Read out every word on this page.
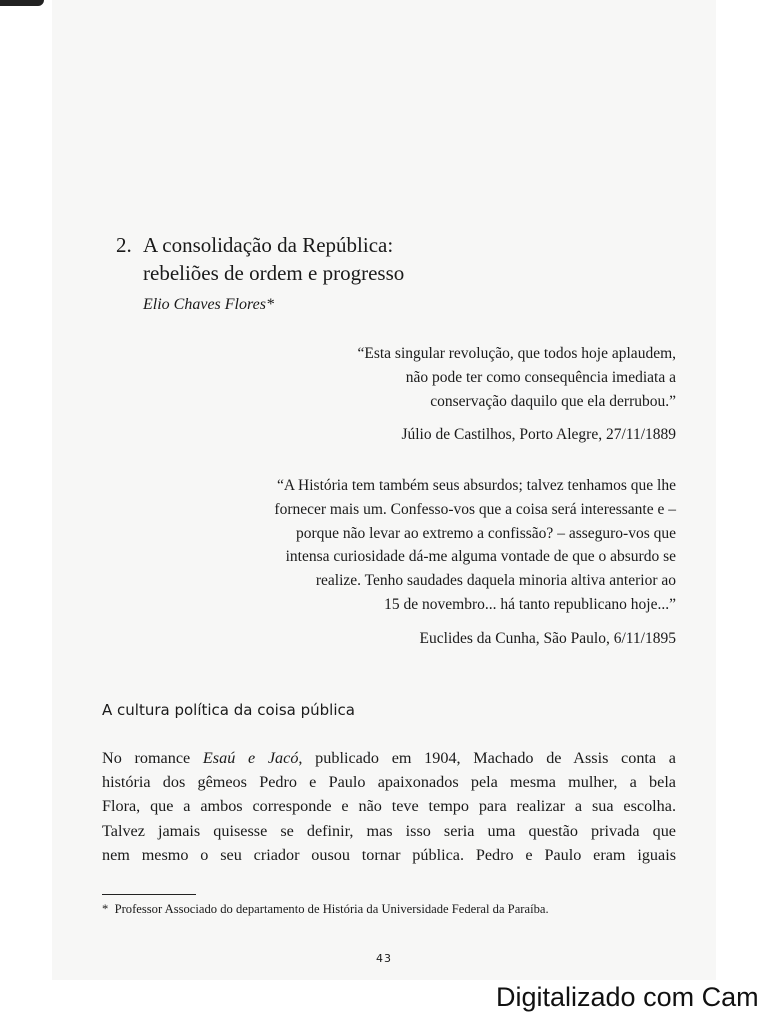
2. A consolidação da República:
rebeliões de ordem e progresso
Elio Chaves Flores*
“Esta singular revolução, que todos hoje aplaudem,
não pode ter como consequência imediata a
conservação daquilo que ela derrubou.”
Júlio de Castilhos, Porto Alegre, 27/11/1889
“A História tem também seus absurdos; talvez tenhamos que lhe
fornecer mais um. Confesso-vos que a coisa será interessante e –
porque não levar ao extremo a confissão? – asseguro-vos que
intensa curiosidade dá-me alguma vontade de que o absurdo se
realize. Tenho saudades daquela minoria altiva anterior ao
15 de novembro... há tanto republicano hoje...”
Euclides da Cunha, São Paulo, 6/11/1895
A cultura política da coisa pública
No romance Esaú e Jacó, publicado em 1904, Machado de Assis conta a
história dos gêmeos Pedro e Paulo apaixonados pela mesma mulher, a bela
Flora, que a ambos corresponde e não teve tempo para realizar a sua escolha.
Talvez jamais quisesse se definir, mas isso seria uma questão privada que
nem mesmo o seu criador ousou tornar pública. Pedro e Paulo eram iguais
* Professor Associado do departamento de História da Universidade Federal da Paraíba.
43
Digitalizado com Cam
